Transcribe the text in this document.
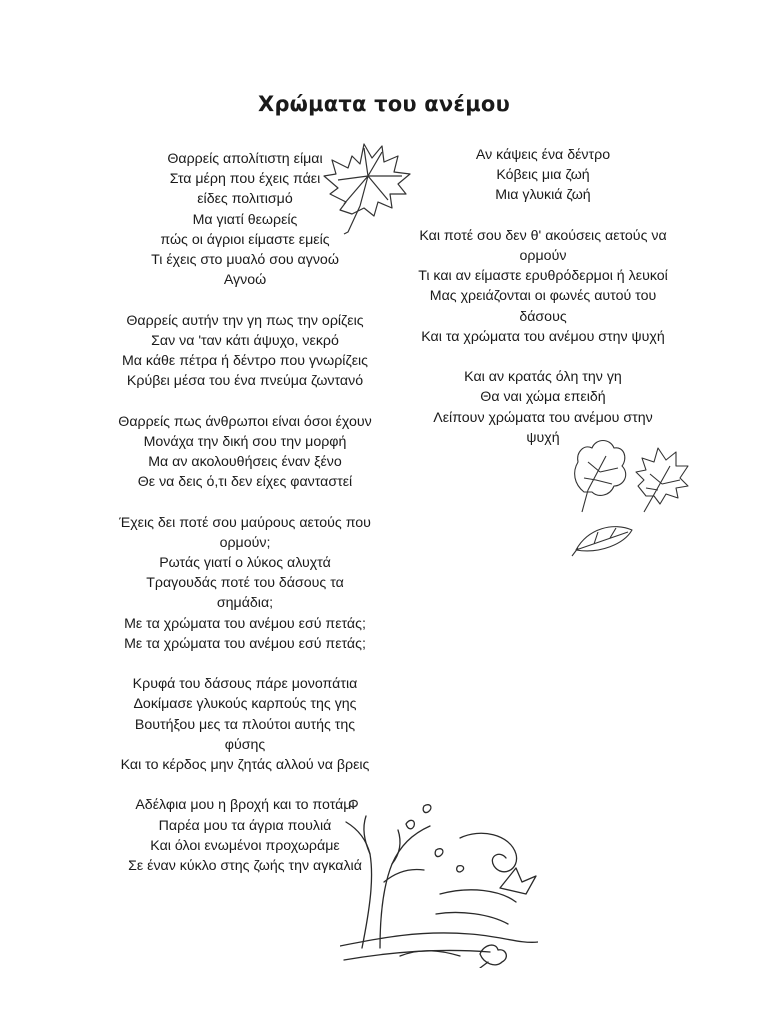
Χρώματα του ανέμου
Θαρρείς απολίτιστη είμαι
Στα μέρη που έχεις πάει
είδες πολιτισμό
Μα γιατί θεωρείς
πώς οι άγριοι είμαστε εμείς
Τι έχεις στο μυαλό σου αγνοώ
Αγνοώ
Θαρρείς αυτήν την γη πως την ορίζεις
Σαν να 'ταν κάτι άψυχο, νεκρό
Μα κάθε πέτρα ή δέντρο που γνωρίζεις
Κρύβει μέσα του ένα πνεύμα ζωντανό
Θαρρείς πως άνθρωποι είναι όσοι έχουν
Μονάχα την δική σου την μορφή
Μα αν ακολουθήσεις έναν ξένο
Θε να δεις ό,τι δεν είχες φανταστεί
Έχεις δει ποτέ σου μαύρους αετούς που
ορμούν;
Ρωτάς γιατί ο λύκος αλυχτά
Τραγουδάς ποτέ του δάσους τα
σημάδια;
Με τα χρώματα του ανέμου εσύ πετάς;
Με τα χρώματα του ανέμου εσύ πετάς;
Κρυφά του δάσους πάρε μονοπάτια
Δοκίμασε γλυκούς καρπούς της γης
Βουτήξου μες τα πλούτοι αυτής της
φύσης
Και το κέρδος μην ζητάς αλλού να βρεις
Αδέλφια μου η βροχή και το ποτάμι
Παρέα μου τα άγρια πουλιά
Και όλοι ενωμένοι προχωράμε
Σε έναν κύκλο στης ζωής την αγκαλιά
Αν κάψεις ένα δέντρο
Κόβεις μια ζωή
Μια γλυκιά ζωή
Και ποτέ σου δεν θ' ακούσεις αετούς να
ορμούν
Τι και αν είμαστε ερυθρόδερμοι ή λευκοί
Μας χρειάζονται οι φωνές αυτού του
δάσους
Και τα χρώματα του ανέμου στην ψυχή
Και αν κρατάς όλη την γη
Θα ναι χώμα επειδή
Λείπουν χρώματα του ανέμου στην
ψυχή
